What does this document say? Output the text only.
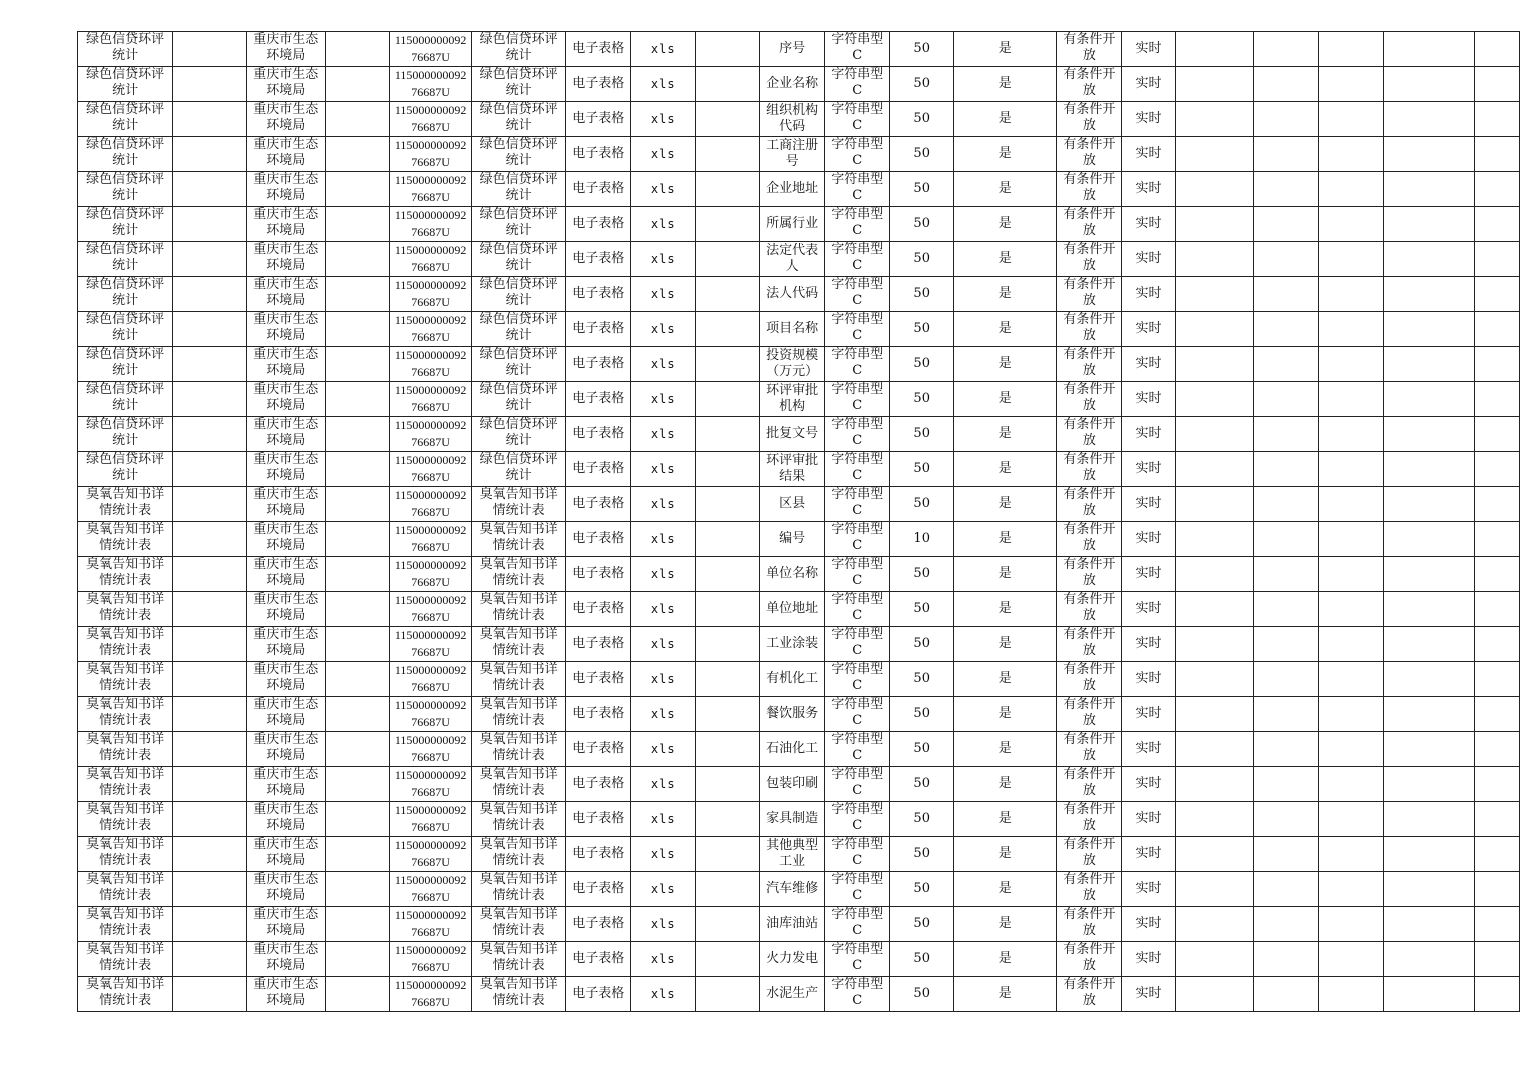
绿色信贷环评统计		重庆市生态环境局		11500000009276687U	绿色信贷环评统计	电子表格	xls		序号	字符串型C	50	是	有条件开放	实时					
绿色信贷环评统计		重庆市生态环境局		11500000009276687U	绿色信贷环评统计	电子表格	xls		企业名称	字符串型C	50	是	有条件开放	实时					
绿色信贷环评统计		重庆市生态环境局		11500000009276687U	绿色信贷环评统计	电子表格	xls		组织机构代码	字符串型C	50	是	有条件开放	实时					
绿色信贷环评统计		重庆市生态环境局		11500000009276687U	绿色信贷环评统计	电子表格	xls		工商注册号	字符串型C	50	是	有条件开放	实时					
绿色信贷环评统计		重庆市生态环境局		11500000009276687U	绿色信贷环评统计	电子表格	xls		企业地址	字符串型C	50	是	有条件开放	实时					
绿色信贷环评统计		重庆市生态环境局		11500000009276687U	绿色信贷环评统计	电子表格	xls		所属行业	字符串型C	50	是	有条件开放	实时					
绿色信贷环评统计		重庆市生态环境局		11500000009276687U	绿色信贷环评统计	电子表格	xls		法定代表人	字符串型C	50	是	有条件开放	实时					
绿色信贷环评统计		重庆市生态环境局		11500000009276687U	绿色信贷环评统计	电子表格	xls		法人代码	字符串型C	50	是	有条件开放	实时					
绿色信贷环评统计		重庆市生态环境局		11500000009276687U	绿色信贷环评统计	电子表格	xls		项目名称	字符串型C	50	是	有条件开放	实时					
绿色信贷环评统计		重庆市生态环境局		11500000009276687U	绿色信贷环评统计	电子表格	xls		投资规模（万元）	字符串型C	50	是	有条件开放	实时					
绿色信贷环评统计		重庆市生态环境局		11500000009276687U	绿色信贷环评统计	电子表格	xls		环评审批机构	字符串型C	50	是	有条件开放	实时					
绿色信贷环评统计		重庆市生态环境局		11500000009276687U	绿色信贷环评统计	电子表格	xls		批复文号	字符串型C	50	是	有条件开放	实时					
绿色信贷环评统计		重庆市生态环境局		11500000009276687U	绿色信贷环评统计	电子表格	xls		环评审批结果	字符串型C	50	是	有条件开放	实时					
臭氧告知书详情统计表		重庆市生态环境局		11500000009276687U	臭氧告知书详情统计表	电子表格	xls		区县	字符串型C	50	是	有条件开放	实时					
臭氧告知书详情统计表		重庆市生态环境局		11500000009276687U	臭氧告知书详情统计表	电子表格	xls		编号	字符串型C	10	是	有条件开放	实时					
臭氧告知书详情统计表		重庆市生态环境局		11500000009276687U	臭氧告知书详情统计表	电子表格	xls		单位名称	字符串型C	50	是	有条件开放	实时					
臭氧告知书详情统计表		重庆市生态环境局		11500000009276687U	臭氧告知书详情统计表	电子表格	xls		单位地址	字符串型C	50	是	有条件开放	实时					
臭氧告知书详情统计表		重庆市生态环境局		11500000009276687U	臭氧告知书详情统计表	电子表格	xls		工业涂装	字符串型C	50	是	有条件开放	实时					
臭氧告知书详情统计表		重庆市生态环境局		11500000009276687U	臭氧告知书详情统计表	电子表格	xls		有机化工	字符串型C	50	是	有条件开放	实时					
臭氧告知书详情统计表		重庆市生态环境局		11500000009276687U	臭氧告知书详情统计表	电子表格	xls		餐饮服务	字符串型C	50	是	有条件开放	实时					
臭氧告知书详情统计表		重庆市生态环境局		11500000009276687U	臭氧告知书详情统计表	电子表格	xls		石油化工	字符串型C	50	是	有条件开放	实时					
臭氧告知书详情统计表		重庆市生态环境局		11500000009276687U	臭氧告知书详情统计表	电子表格	xls		包装印刷	字符串型C	50	是	有条件开放	实时					
臭氧告知书详情统计表		重庆市生态环境局		11500000009276687U	臭氧告知书详情统计表	电子表格	xls		家具制造	字符串型C	50	是	有条件开放	实时					
臭氧告知书详情统计表		重庆市生态环境局		11500000009276687U	臭氧告知书详情统计表	电子表格	xls		其他典型工业	字符串型C	50	是	有条件开放	实时					
臭氧告知书详情统计表		重庆市生态环境局		11500000009276687U	臭氧告知书详情统计表	电子表格	xls		汽车维修	字符串型C	50	是	有条件开放	实时					
臭氧告知书详情统计表		重庆市生态环境局		11500000009276687U	臭氧告知书详情统计表	电子表格	xls		油库油站	字符串型C	50	是	有条件开放	实时					
臭氧告知书详情统计表		重庆市生态环境局		11500000009276687U	臭氧告知书详情统计表	电子表格	xls		火力发电	字符串型C	50	是	有条件开放	实时					
臭氧告知书详情统计表		重庆市生态环境局		11500000009276687U	臭氧告知书详情统计表	电子表格	xls		水泥生产	字符串型C	50	是	有条件开放	实时					
